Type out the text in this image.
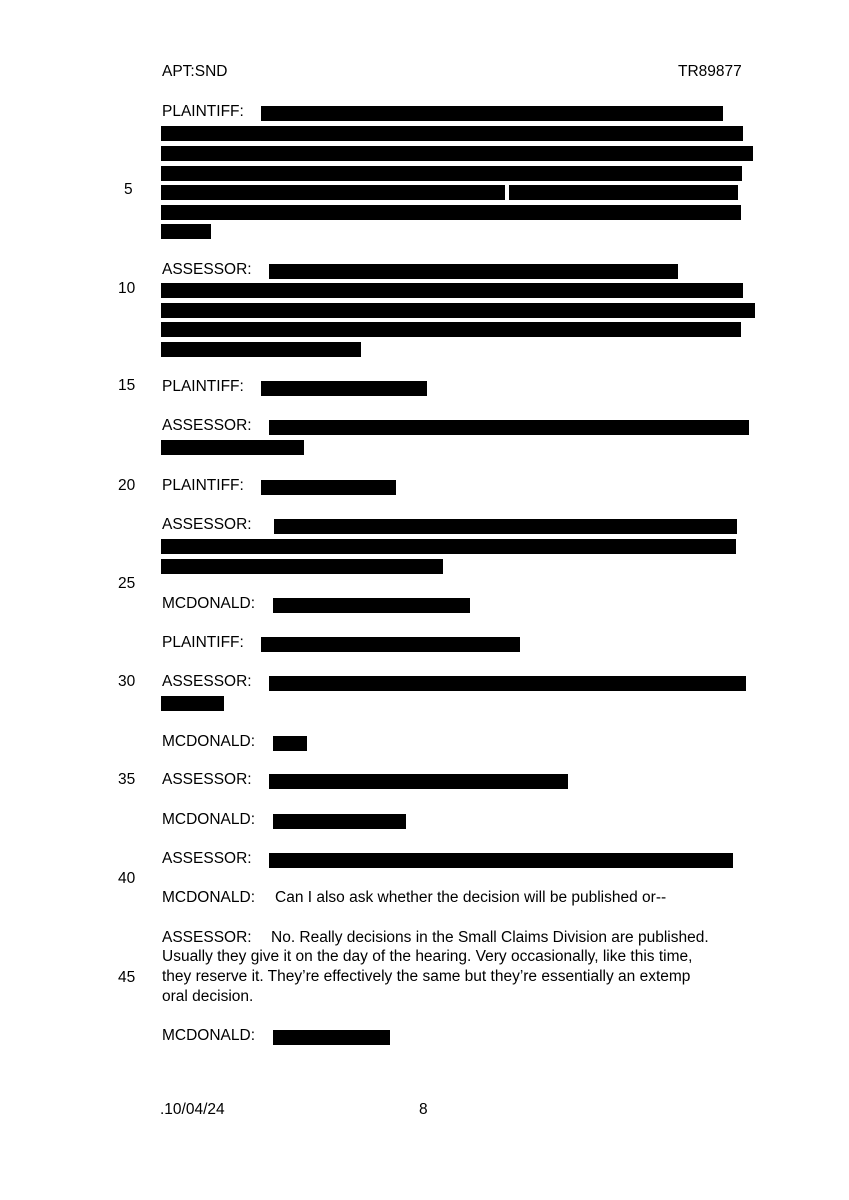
APT:SND	TR89877
5
10
15
20
25
30
35
40
45
PLAINTIFF:
ASSESSOR:
PLAINTIFF:
ASSESSOR:
PLAINTIFF:
ASSESSOR:
MCDONALD:
PLAINTIFF:
ASSESSOR:
MCDONALD:
ASSESSOR:
MCDONALD:
ASSESSOR:
MCDONALD: Can I also ask whether the decision will be published or--
ASSESSOR: No. Really decisions in the Small Claims Division are published.
Usually they give it on the day of the hearing. Very occasionally, like this time,
they reserve it. They’re effectively the same but they’re essentially an extemp
oral decision.
MCDONALD:
.10/04/24	8
